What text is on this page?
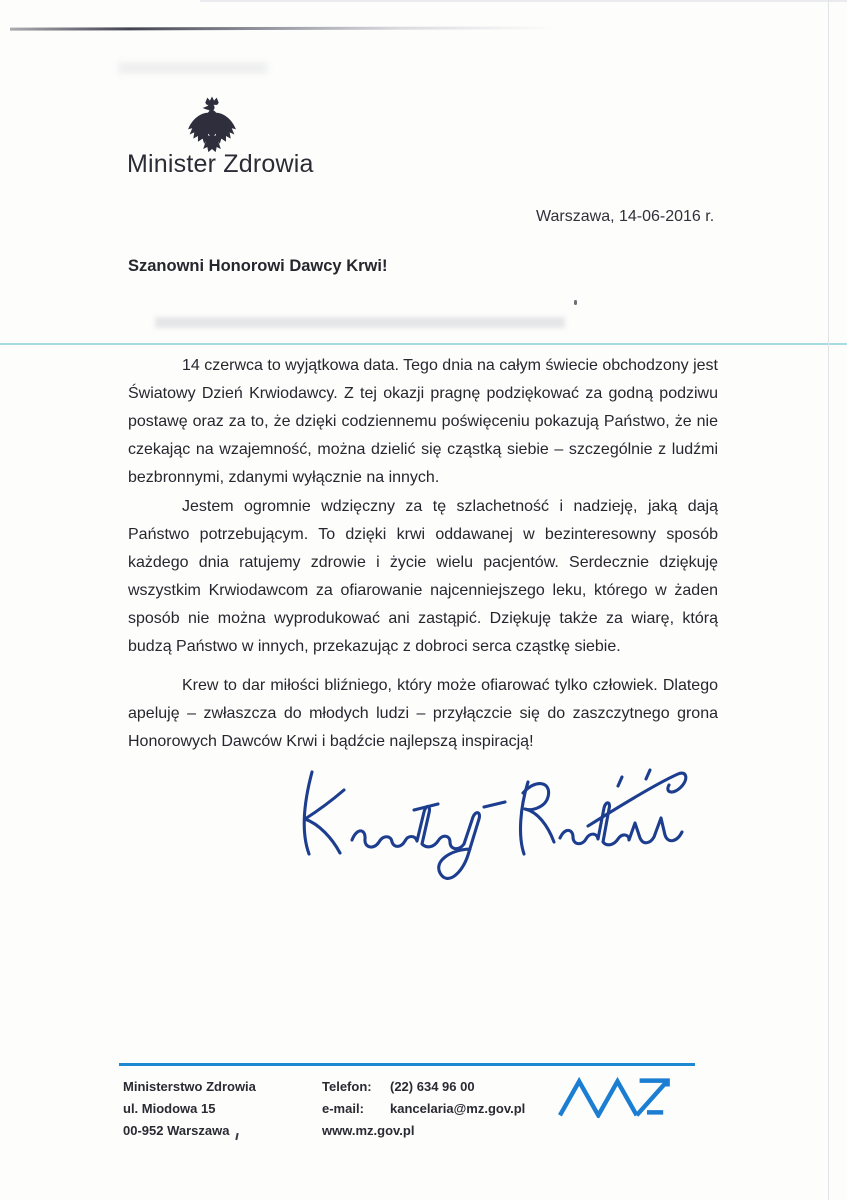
Minister Zdrowia
Warszawa, 14-06-2016 r.
Szanowni Honorowi Dawcy Krwi!

14 czerwca to wyjątkowa data. Tego dnia na całym świecie obchodzony jest Światowy Dzień Krwiodawcy. Z tej okazji pragnę podziękować za godną podziwu postawę oraz za to, że dzięki codziennemu poświęceniu pokazują Państwo, że nie czekając na wzajemność, można dzielić się cząstką siebie – szczególnie z ludźmi bezbronnymi, zdanymi wyłącznie na innych.

Jestem ogromnie wdzięczny za tę szlachetność i nadzieję, jaką dają Państwo potrzebującym. To dzięki krwi oddawanej w bezinteresowny sposób każdego dnia ratujemy zdrowie i życie wielu pacjentów. Serdecznie dziękuję wszystkim Krwiodawcom za ofiarowanie najcenniejszego leku, którego w żaden sposób nie można wyprodukować ani zastąpić. Dziękuję także za wiarę, którą budzą Państwo w innych, przekazując z dobroci serca cząstkę siebie.

Krew to dar miłości bliźniego, który może ofiarować tylko człowiek. Dlatego apeluję – zwłaszcza do młodych ludzi – przyłączcie się do zaszczytnego grona Honorowych Dawców Krwi i bądźcie najlepszą inspiracją!

Ministerstwo Zdrowia
ul. Miodowa 15
00-952 Warszawa
Telefon: (22) 634 96 00
e-mail:	kancelaria@mz.gov.pl
www.mz.gov.pl
